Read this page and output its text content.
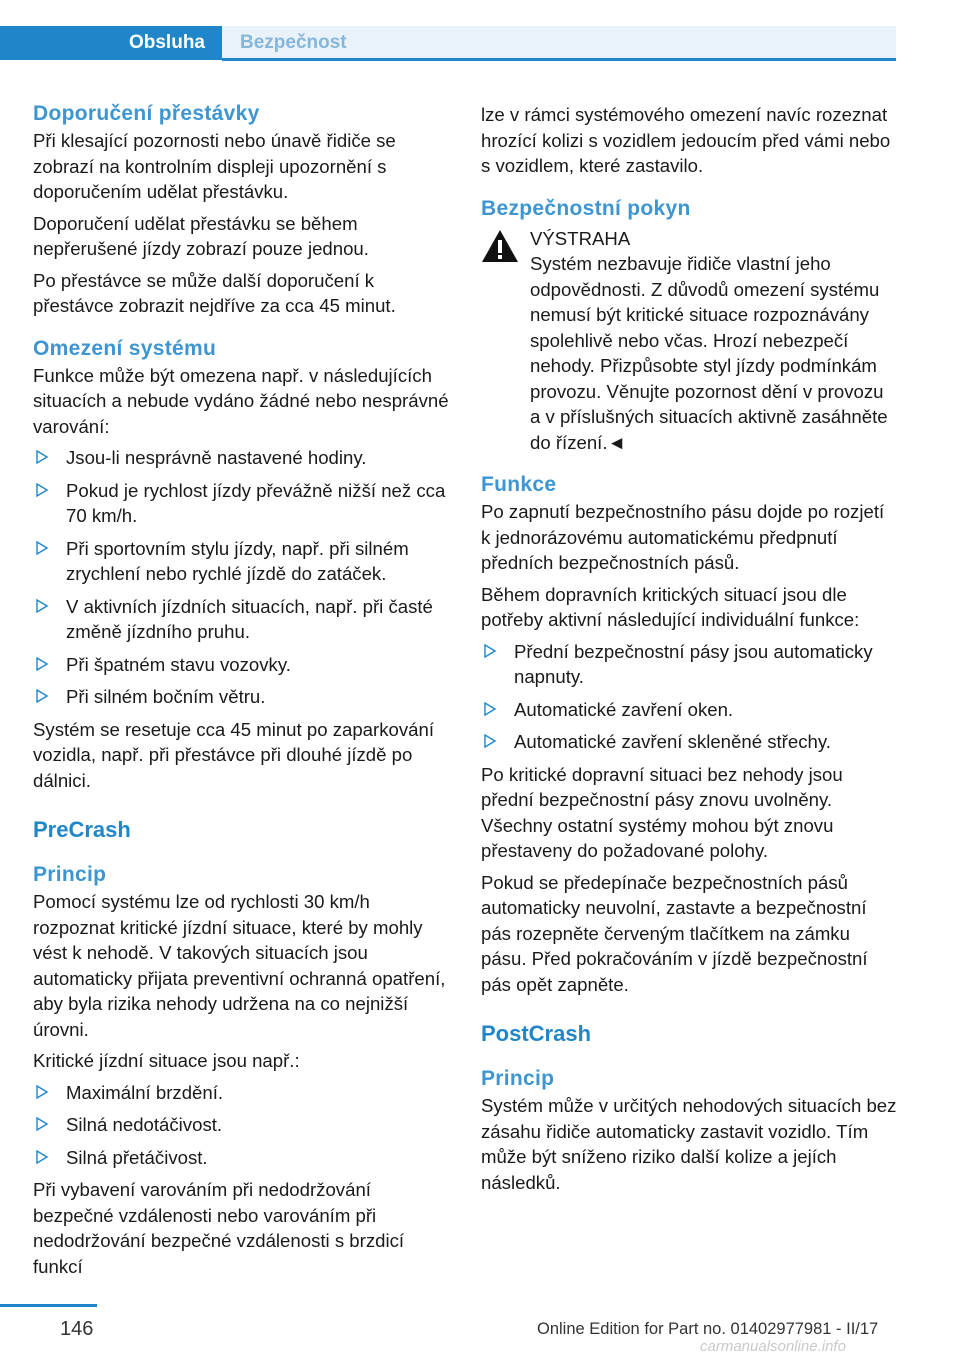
Obsluha	Bezpečnost
Doporučení přestávky
Při klesající pozornosti nebo únavě řidiče se zobrazí na kontrolním displeji upozornění s doporučením udělat přestávku.
Doporučení udělat přestávku se během nepřerušené jízdy zobrazí pouze jednou.
Po přestávce se může další doporučení k přestávce zobrazit nejdříve za cca 45 minut.
Omezení systému
Funkce může být omezena např. v následujících situacích a nebude vydáno žádné nebo nesprávné varování:
Jsou-li nesprávně nastavené hodiny.
Pokud je rychlost jízdy převážně nižší než cca 70 km/h.
Při sportovním stylu jízdy, např. při silném zrychlení nebo rychlé jízdě do zatáček.
V aktivních jízdních situacích, např. při časté změně jízdního pruhu.
Při špatném stavu vozovky.
Při silném bočním větru.
Systém se resetuje cca 45 minut po zaparkování vozidla, např. při přestávce při dlouhé jízdě po dálnici.
PreCrash
Princip
Pomocí systému lze od rychlosti 30 km/h rozpoznat kritické jízdní situace, které by mohly vést k nehodě. V takových situacích jsou automaticky přijata preventivní ochranná opatření, aby byla rizika nehody udržena na co nejnižší úrovni.
Kritické jízdní situace jsou např.:
Maximální brzdění.
Silná nedotáčivost.
Silná přetáčivost.
Při vybavení varováním při nedodržování bezpečné vzdálenosti nebo varováním při nedodržování bezpečné vzdálenosti s brzdicí funkcí
lze v rámci systémového omezení navíc rozeznat hrozící kolizi s vozidlem jedoucím před vámi nebo s vozidlem, které zastavilo.
Bezpečnostní pokyn
VÝSTRAHA
Systém nezbavuje řidiče vlastní jeho odpovědnosti. Z důvodů omezení systému nemusí být kritické situace rozpoznávány spolehlivě nebo včas. Hrozí nebezpečí nehody. Přizpůsobte styl jízdy podmínkám provozu. Věnujte pozornost dění v provozu a v příslušných situacích aktivně zasáhněte do řízení.◄
Funkce
Po zapnutí bezpečnostního pásu dojde po rozjetí k jednorázovému automatickému předpnutí předních bezpečnostních pásů.
Během dopravních kritických situací jsou dle potřeby aktivní následující individuální funkce:
Přední bezpečnostní pásy jsou automaticky napnuty.
Automatické zavření oken.
Automatické zavření skleněné střechy.
Po kritické dopravní situaci bez nehody jsou přední bezpečnostní pásy znovu uvolněny. Všechny ostatní systémy mohou být znovu přestaveny do požadované polohy.
Pokud se předepínače bezpečnostních pásů automaticky neuvolní, zastavte a bezpečnostní pás rozepněte červeným tlačítkem na zámku pásu. Před pokračováním v jízdě bezpečnostní pás opět zapněte.
PostCrash
Princip
Systém může v určitých nehodových situacích bez zásahu řidiče automaticky zastavit vozidlo. Tím může být sníženo riziko další kolize a jejích následků.
146	Online Edition for Part no. 01402977981 - II/17
carmanualsonline.info
